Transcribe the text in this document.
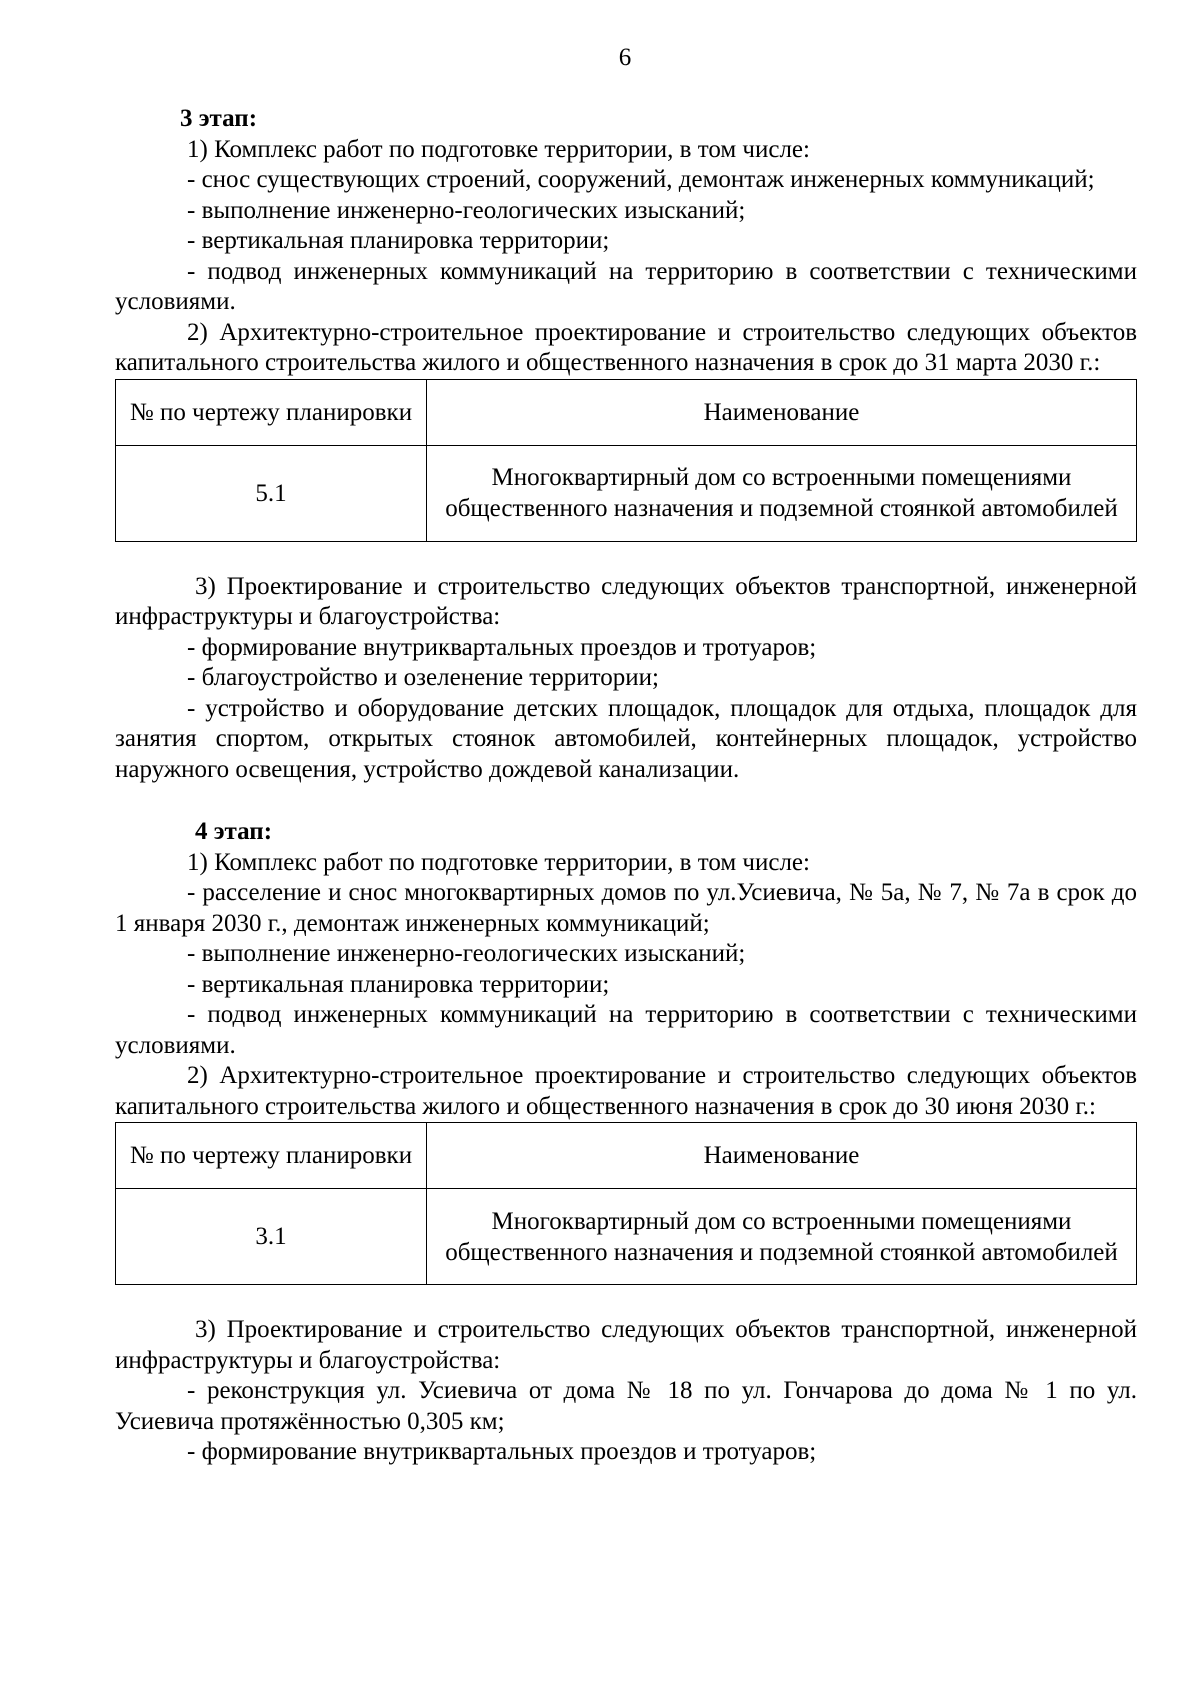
6

3 этап:

1) Комплекс работ по подготовке территории, в том числе:

- снос существующих строений, сооружений, демонтаж инженерных коммуникаций;

- выполнение инженерно-геологических изысканий;

- вертикальная планировка территории;

- подвод инженерных коммуникаций на территорию в соответствии с техническими условиями.

2) Архитектурно-строительное проектирование и строительство следующих объектов капитального строительства жилого и общественного назначения в срок до 31 марта 2030 г.:

№ по чертежу планировки	Наименование
5.1	Многоквартирный дом со встроенными помещениями общественного назначения и подземной стоянкой автомобилей

3) Проектирование и строительство следующих объектов транспортной, инженерной инфраструктуры и благоустройства:

- формирование внутриквартальных проездов и тротуаров;

- благоустройство и озеленение территории;

- устройство и оборудование детских площадок, площадок для отдыха, площадок для занятия спортом, открытых стоянок автомобилей, контейнерных площадок, устройство наружного освещения, устройство дождевой канализации.

4 этап:

1) Комплекс работ по подготовке территории, в том числе:

- расселение и снос многоквартирных домов по ул.Усиевича, № 5а, № 7, № 7а в срок до 1 января 2030 г., демонтаж инженерных коммуникаций;

- выполнение инженерно-геологических изысканий;

- вертикальная планировка территории;

- подвод инженерных коммуникаций на территорию в соответствии с техническими условиями.

2) Архитектурно-строительное проектирование и строительство следующих объектов капитального строительства жилого и общественного назначения в срок до 30 июня 2030 г.:

№ по чертежу планировки	Наименование
3.1	Многоквартирный дом со встроенными помещениями общественного назначения и подземной стоянкой автомобилей

3) Проектирование и строительство следующих объектов транспортной, инженерной инфраструктуры и благоустройства:

- реконструкция ул. Усиевича от дома № 18 по ул. Гончарова до дома № 1 по ул. Усиевича протяжённостью 0,305 км;

- формирование внутриквартальных проездов и тротуаров;
